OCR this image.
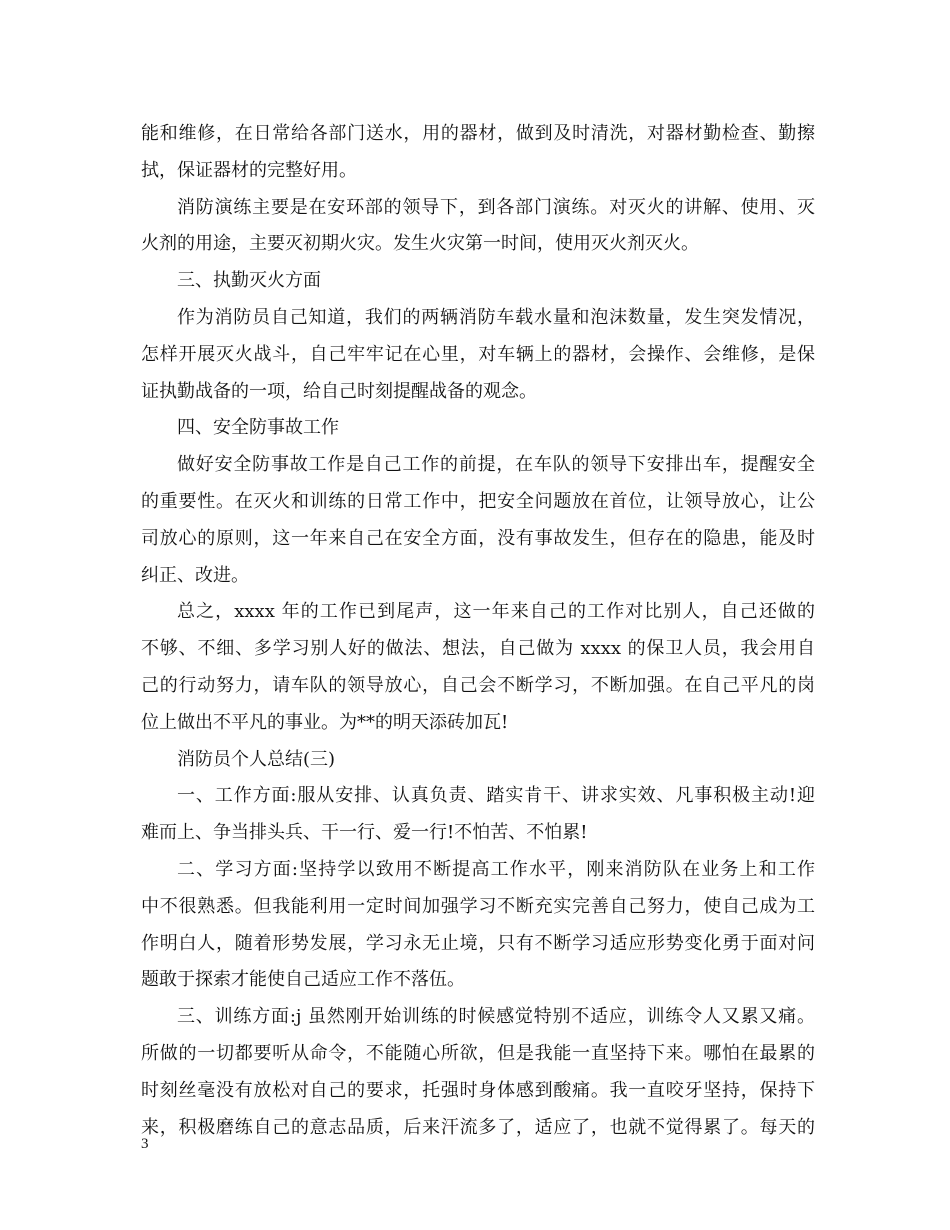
能和维修，在日常给各部门送水，用的器材，做到及时清洗，对器材勤检查、勤擦
拭，保证器材的完整好用。
消防演练主要是在安环部的领导下，到各部门演练。对灭火的讲解、使用、灭
火剂的用途，主要灭初期火灾。发生火灾第一时间，使用灭火剂灭火。
三、执勤灭火方面
作为消防员自己知道，我们的两辆消防车载水量和泡沫数量，发生突发情况，
怎样开展灭火战斗，自己牢牢记在心里，对车辆上的器材，会操作、会维修，是保
证执勤战备的一项，给自己时刻提醒战备的观念。
四、安全防事故工作
做好安全防事故工作是自己工作的前提，在车队的领导下安排出车，提醒安全
的重要性。在灭火和训练的日常工作中，把安全问题放在首位，让领导放心，让公
司放心的原则，这一年来自己在安全方面，没有事故发生，但存在的隐患，能及时
纠正、改进。
总之，xxxx 年的工作已到尾声，这一年来自己的工作对比别人，自己还做的
不够、不细、多学习别人好的做法、想法，自己做为 xxxx 的保卫人员，我会用自
己的行动努力，请车队的领导放心，自己会不断学习，不断加强。在自己平凡的岗
位上做出不平凡的事业。为**的明天添砖加瓦!
消防员个人总结(三)
一、工作方面:服从安排、认真负责、踏实肯干、讲求实效、凡事积极主动!迎
难而上、争当排头兵、干一行、爱一行!不怕苦、不怕累!
二、学习方面:坚持学以致用不断提高工作水平，刚来消防队在业务上和工作
中不很熟悉。但我能利用一定时间加强学习不断充实完善自己努力，使自己成为工
作明白人，随着形势发展，学习永无止境，只有不断学习适应形势变化勇于面对问
题敢于探索才能使自己适应工作不落伍。
三、训练方面:j 虽然刚开始训练的时候感觉特别不适应，训练令人又累又痛。
所做的一切都要听从命令，不能随心所欲，但是我能一直坚持下来。哪怕在最累的
时刻丝毫没有放松对自己的要求，托强时身体感到酸痛。我一直咬牙坚持，保持下
来，积极磨练自己的意志品质，后来汗流多了，适应了，也就不觉得累了。每天的
3
